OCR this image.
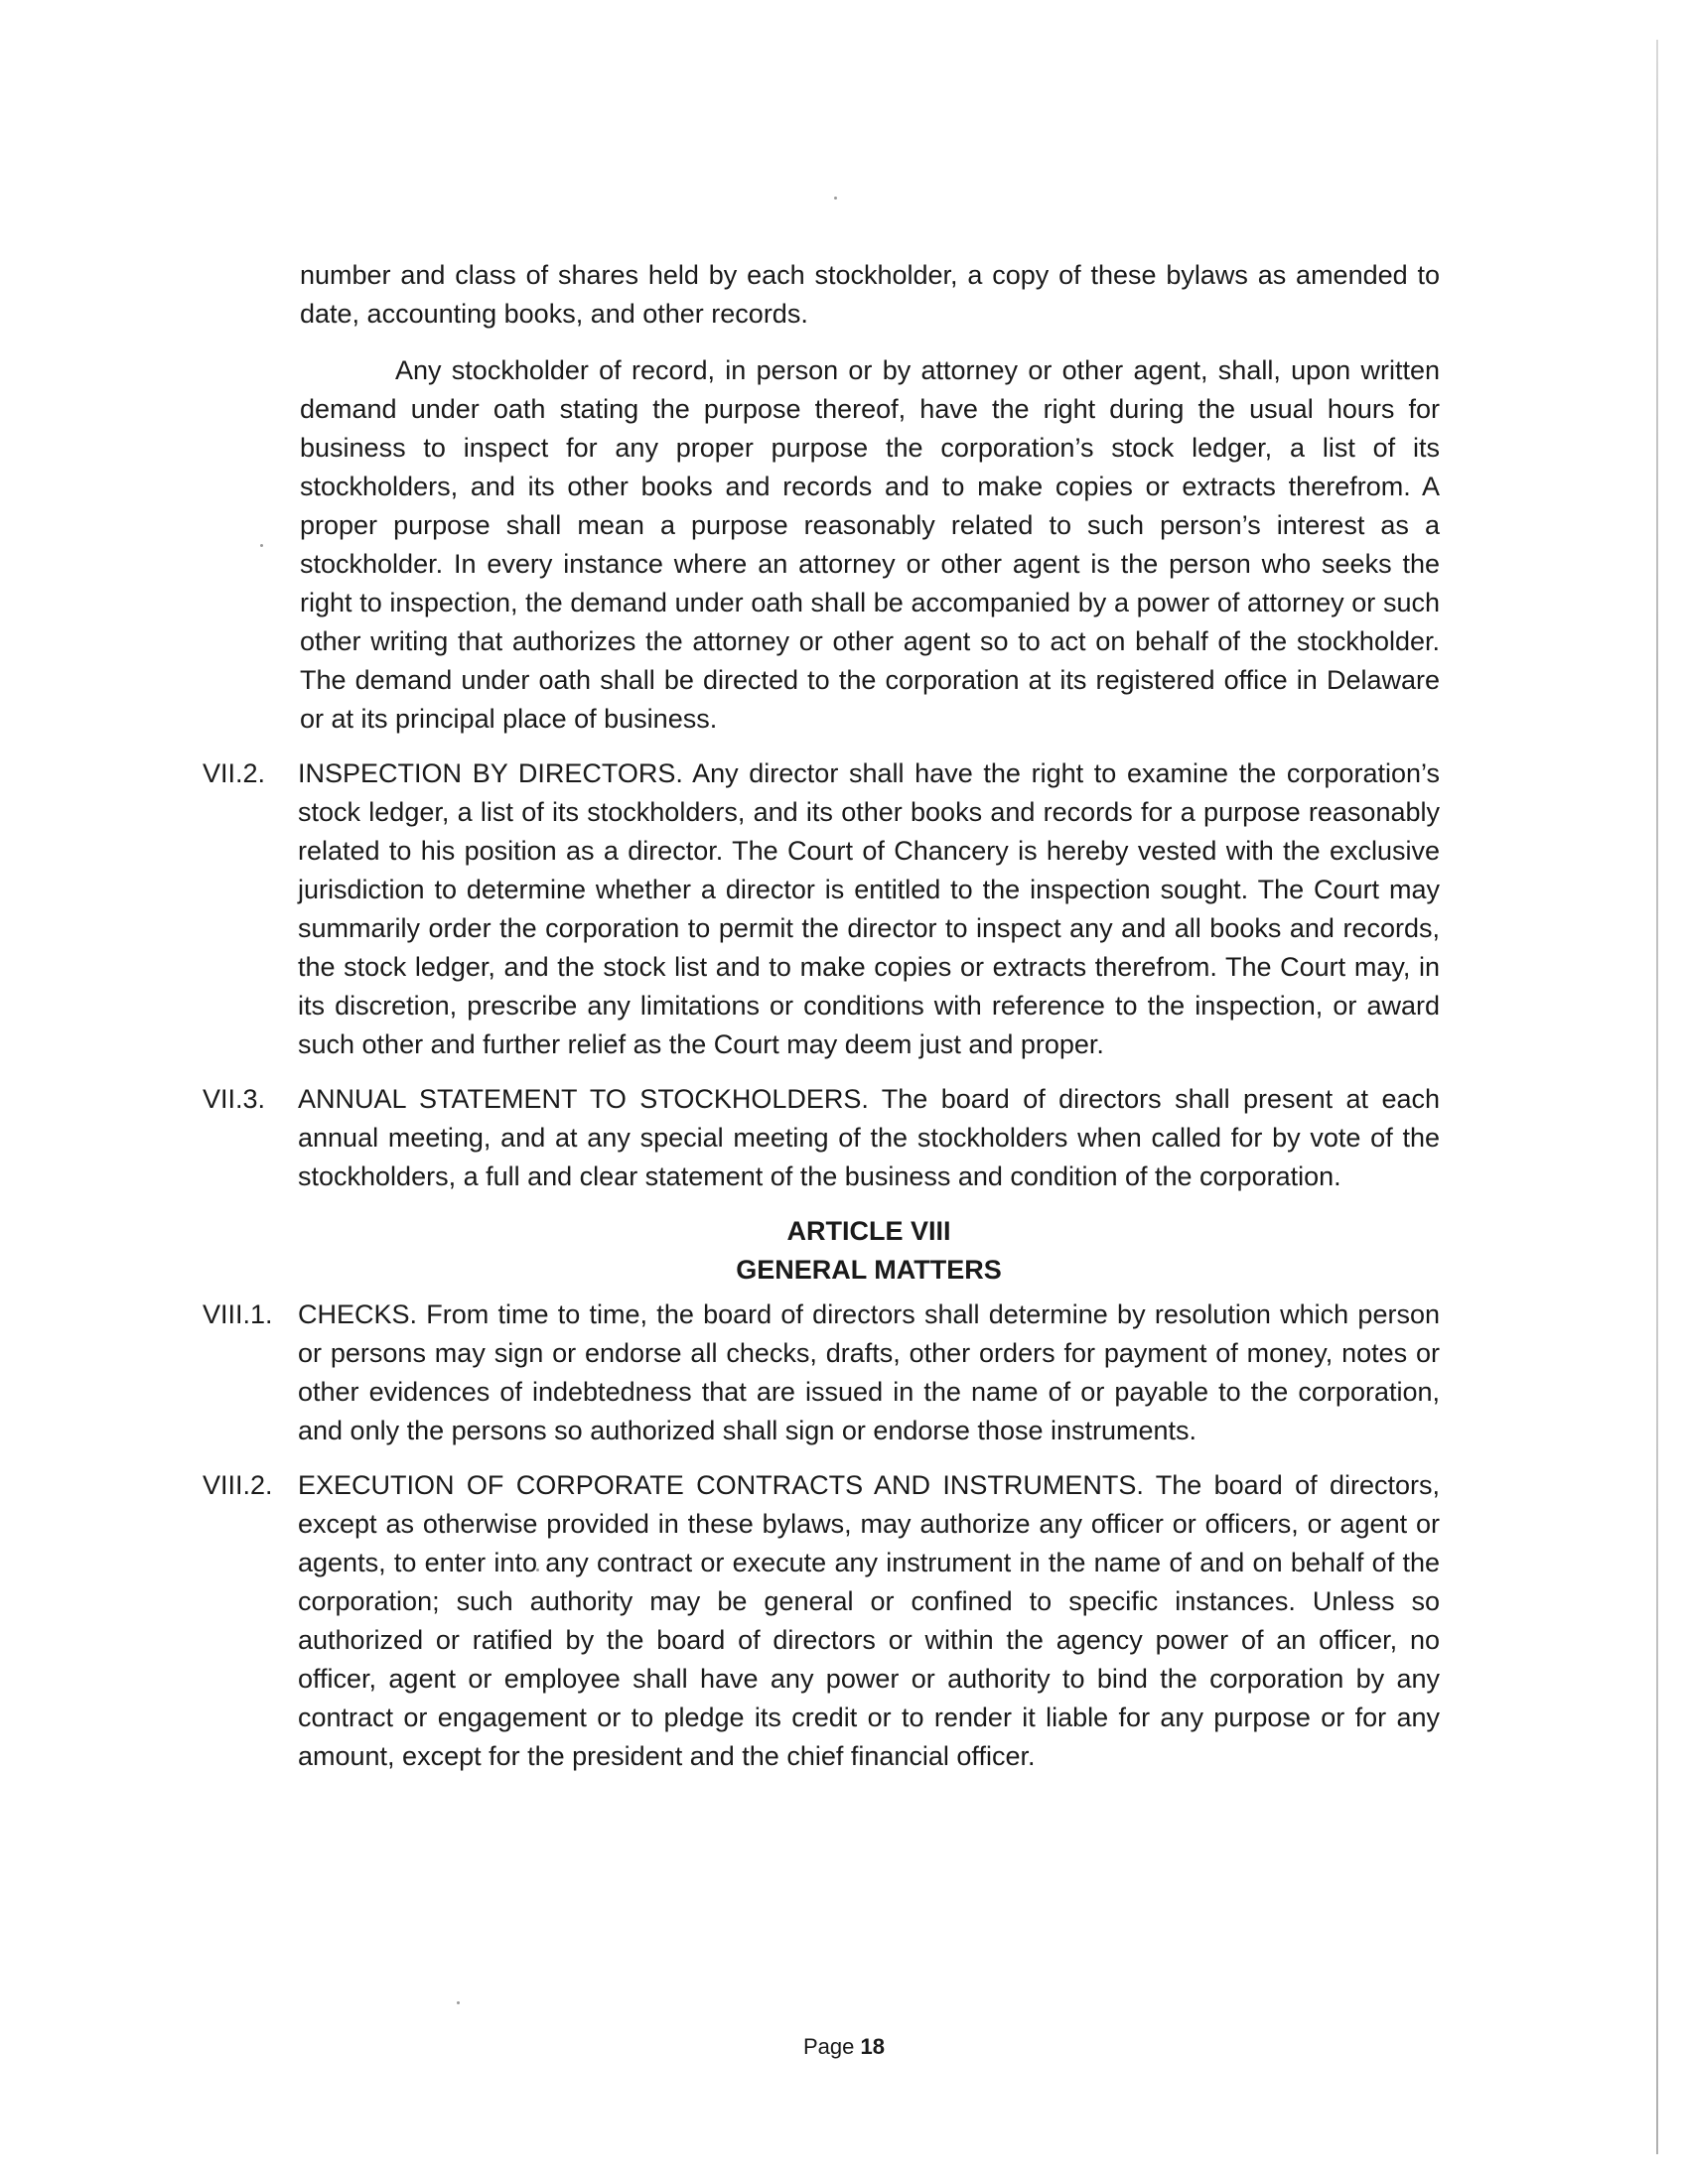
number and class of shares held by each stockholder, a copy of these bylaws as amended to date, accounting books, and other records.

Any stockholder of record, in person or by attorney or other agent, shall, upon written demand under oath stating the purpose thereof, have the right during the usual hours for business to inspect for any proper purpose the corporation’s stock ledger, a list of its stockholders, and its other books and records and to make copies or extracts therefrom. A proper purpose shall mean a purpose reasonably related to such person’s interest as a stockholder. In every instance where an attorney or other agent is the person who seeks the right to inspection, the demand under oath shall be accompanied by a power of attorney or such other writing that authorizes the attorney or other agent so to act on behalf of the stockholder. The demand under oath shall be directed to the corporation at its registered office in Delaware or at its principal place of business.

VII.2.	INSPECTION BY DIRECTORS. Any director shall have the right to examine the corporation’s stock ledger, a list of its stockholders, and its other books and records for a purpose reasonably related to his position as a director. The Court of Chancery is hereby vested with the exclusive jurisdiction to determine whether a director is entitled to the inspection sought. The Court may summarily order the corporation to permit the director to inspect any and all books and records, the stock ledger, and the stock list and to make copies or extracts therefrom. The Court may, in its discretion, prescribe any limitations or conditions with reference to the inspection, or award such other and further relief as the Court may deem just and proper.
VII.3.	ANNUAL STATEMENT TO STOCKHOLDERS. The board of directors shall present at each annual meeting, and at any special meeting of the stockholders when called for by vote of the stockholders, a full and clear statement of the business and condition of the corporation.
ARTICLE VIII
GENERAL MATTERS
VIII.1. CHECKS. From time to time, the board of directors shall determine by resolution which person or persons may sign or endorse all checks, drafts, other orders for payment of money, notes or other evidences of indebtedness that are issued in the name of or payable to the corporation, and only the persons so authorized shall sign or endorse those instruments.
VIII.2. EXECUTION OF CORPORATE CONTRACTS AND INSTRUMENTS. The board of directors, except as otherwise provided in these bylaws, may authorize any officer or officers, or agent or agents, to enter into any contract or execute any instrument in the name of and on behalf of the corporation; such authority may be general or confined to specific instances. Unless so authorized or ratified by the board of directors or within the agency power of an officer, no officer, agent or employee shall have any power or authority to bind the corporation by any contract or engagement or to pledge its credit or to render it liable for any purpose or for any amount, except for the president and the chief financial officer.
Page 18
